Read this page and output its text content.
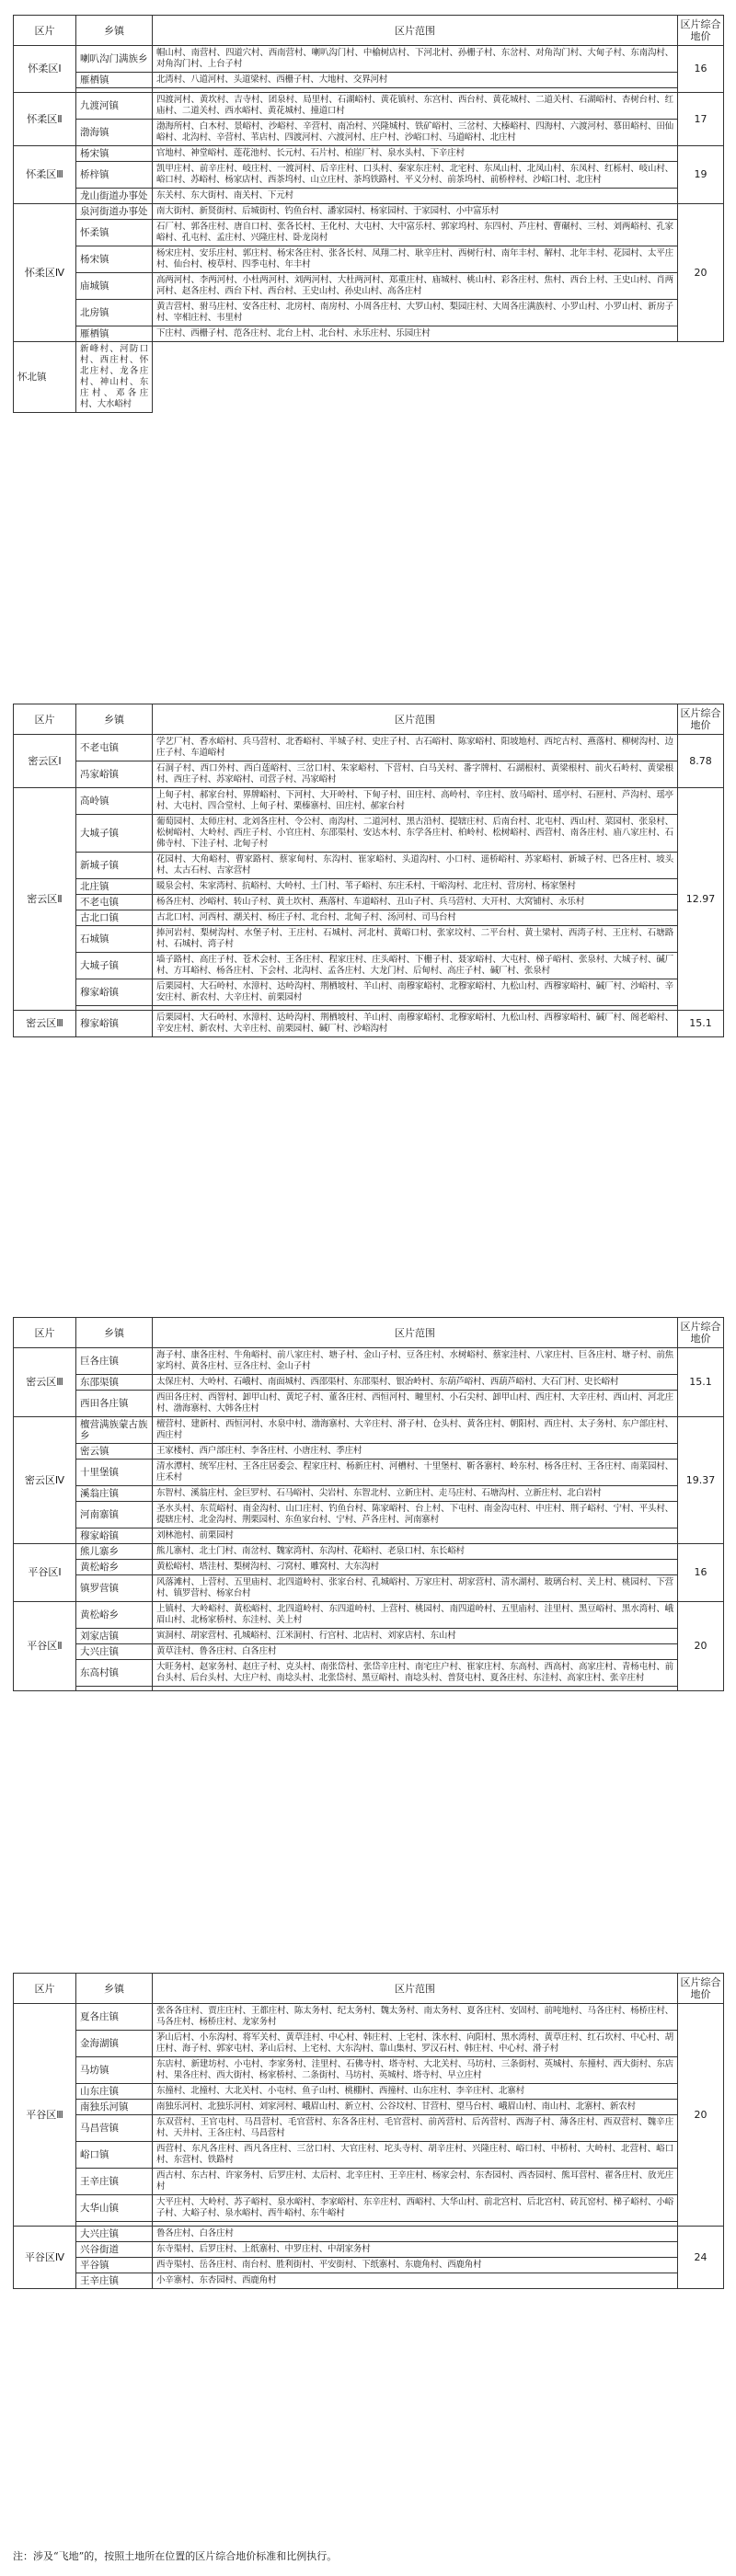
区片	乡镇	区片范围	区片综合
地价
怀柔区Ⅰ	喇叭沟门满族乡	帽山村、南营村、四道穴村、西南营村、喇叭沟门村、中榆树店村、下河北村、孙栅子村、东岔村、对角沟门村、大甸子村、东南沟村、对角沟门村、上台子村	16
	雁栖镇	北湾村、八道河村、头道梁村、西栅子村、大地村、交界河村	

怀柔区Ⅱ	九渡河镇	四渡河村、黄坎村、吉寺村、团泉村、局里村、石湖峪村、黄花镇村、东宫村、西台村、黄花城村、二道关村、石湖峪村、杏树台村、红庙村、二道关村、西水峪村、黄花城村、撞道口村	17
	渤海镇	渤海所村、白木村、景峪村、沙峪村、辛营村、南冶村、兴隆城村、铁矿峪村、三岔村、大榛峪村、四海村、六渡河村、慕田峪村、田仙峪村、北沟村、辛营村、苇店村、四渡河村、六渡河村、庄户村、沙峪口村、马道峪村、北庄村	
怀柔区Ⅲ	杨宋镇	官地村、神堂峪村、莲花池村、长元村、石片村、柏崖厂村、泉水头村、下辛庄村	19
	桥梓镇	凯甲庄村、前辛庄村、岐庄村、一渡河村、后辛庄村、口头村、秦家东庄村、北宅村、东凤山村、北凤山村、东凤村、红栎村、岐山村、峪口村、苏峪村、杨家店村、西茶坞村、山立庄村、茶坞铁路村、平义分村、前茶坞村、前桥梓村、沙峪口村、北庄村	
	龙山街道办事处	东关村、东大街村、南关村、下元村	
怀柔区Ⅳ	泉河街道办事处	南大街村、新贤街村、后城街村、钓鱼台村、潘家园村、杨家园村、于家园村、小中富乐村	20
	怀柔镇	石厂村、郭各庄村、唐自口村、张各长村、王化村、大屯村、大中富乐村、郭家坞村、东四村、芦庄村、曹碾村、三村、刘两峪村、孔家峪村、孔屯村、孟庄村、兴隆庄村、卧龙岗村	
	杨宋镇	杨宋庄村、安乐庄村、郭庄村、杨宋各庄村、张各长村、凤翔二村、耿辛庄村、西树行村、南年丰村、解村、北年丰村、花园村、太平庄村、仙台村、梭草村、四季屯村、年丰村	
	庙城镇	高两河村、李两河村、小杜两河村、刘两河村、大杜两河村、郑重庄村、庙城村、桃山村、彩各庄村、焦村、西台上村、王史山村、肖两河村、赵各庄村、西台下村、西台村、王史山村、孙史山村、高各庄村	
	北房镇	黄吉营村、驸马庄村、安各庄村、北房村、南房村、小周各庄村、大罗山村、梨园庄村、大周各庄满族村、小罗山村、小罗山村、新房子村、宰相庄村、韦里村	
	雁栖镇	下庄村、西栅子村、范各庄村、北台上村、北台村、永乐庄村、乐园庄村	
怀北镇	新峰村、河防口村、西庄村、怀北庄村、龙各庄村、神山村、东庄村、邓各庄村、大水峪村		
区片	乡镇	区片范围	区片综合
地价
密云区Ⅰ	不老屯镇	学艺厂村、香水峪村、兵马营村、北香峪村、半城子村、史庄子村、古石峪村、陈家峪村、阳坡地村、西坨古村、燕落村、柳树沟村、边庄子村、车道峪村	8.78
	冯家峪镇	石洞子村、西口外村、西白莲峪村、三岔口村、朱家峪村、下营村、白马关村、番字牌村、石湖根村、黄梁根村、前火石岭村、黄梁根村、西庄子村、苏家峪村、司营子村、冯家峪村	
密云区Ⅱ	高岭镇	上甸子村、郝家台村、界牌峪村、下河村、大开岭村、下甸子村、田庄村、高岭村、辛庄村、放马峪村、瑶亭村、石匣村、芦沟村、瑶亭村、大屯村、四合堂村、上甸子村、栗榛寨村、田庄村、郝家台村	12.97
	大城子镇	葡萄园村、太师庄村、北刘各庄村、令公村、南沟村、二道河村、黑古沿村、提辖庄村、后南台村、北屯村、西山村、菜园村、张泉村、松树峪村、大岭村、西庄子村、小官庄村、东邵渠村、安达木村、东学各庄村、柏岭村、松树峪村、西营村、南各庄村、庙八家庄村、石佛寺村、下洼子村、北甸子村	
	新城子镇	花园村、大角峪村、曹家路村、蔡家甸村、东沟村、崔家峪村、头道沟村、小口村、遥桥峪村、苏家峪村、新城子村、巴各庄村、坡头村、太古石村、吉家营村	
	北庄镇	暖泉会村、朱家湾村、抗峪村、大岭村、土门村、苇子峪村、东庄禾村、干峪沟村、北庄村、营房村、杨家堡村	
	不老屯镇	杨各庄村、沙峪村、转山子村、黄土坎村、燕落村、车道峪村、丑山子村、兵马营村、大开村、大窝铺村、永乐村	
	古北口镇	古北口村、河西村、潮关村、杨庄子村、北台村、北甸子村、汤河村、司马台村	
	石城镇	捧河岩村、梨树沟村、水堡子村、王庄村、石城村、河北村、黄峪口村、张家坟村、二平台村、黄土梁村、西湾子村、王庄村、石塘路村、石城村、湾子村	
	大城子镇	墙子路村、高庄子村、苍术会村、王各庄村、程家庄村、庄头峪村、下栅子村、聂家峪村、大屯村、梯子峪村、张泉村、大城子村、碱厂村、方耳峪村、杨各庄村、下会村、北沟村、孟各庄村、大龙门村、后甸村、高庄子村、碱厂村、张泉村	
	穆家峪镇	后栗园村、大石岭村、水漳村、达岭沟村、荆栖坡村、羊山村、南穆家峪村、北穆家峪村、九松山村、西穆家峪村、碱厂村、沙峪村、辛安庄村、新农村、大辛庄村、前栗园村	

密云区Ⅲ	穆家峪镇	后栗园村、大石岭村、水漳村、达岭沟村、荆栖坡村、羊山村、南穆家峪村、北穆家峪村、九松山村、西穆家峪村、碱厂村、阁老峪村、辛安庄村、新农村、大辛庄村、前栗园村、碱厂村、沙峪沟村	15.1
区片	乡镇	区片范围	区片综合
地价
密云区Ⅲ	巨各庄镇	海子村、康各庄村、牛角峪村、前八家庄村、塘子村、金山子村、豆各庄村、水树峪村、蔡家洼村、八家庄村、巨各庄村、塘子村、前焦家坞村、黄各庄村、豆各庄村、金山子村	15.1
	东邵渠镇	太保庄村、大岭村、石峨村、南面城村、西邵渠村、东邵渠村、银冶岭村、东葫芦峪村、西葫芦峪村、大石门村、史长峪村	
	西田各庄镇	西田各庄村、西智村、卸甲山村、黄坨子村、董各庄村、西恒河村、疃里村、小石尖村、卸甲山村、西庄村、大辛庄村、西山村、河北庄村、渤海寨村、大韩各庄村	
密云区Ⅳ	檀营满族蒙古族乡	檀营村、建新村、西恒河村、水泉中村、渤海寨村、大辛庄村、滑子村、仓头村、黄各庄村、朝阳村、西庄村、太子务村、东户部庄村、西庄村	19.37
	密云镇	王家楼村、西户部庄村、李各庄村、小唐庄村、季庄村	
	十里堡镇	清水潭村、统军庄村、王各庄居委会、程家庄村、杨新庄村、河槽村、十里堡村、靳各寨村、岭东村、杨各庄村、王各庄村、南菜园村、庄禾村	
	溪翁庄镇	东智村、溪翁庄村、金巨罗村、石马峪村、尖岩村、东智北村、立新庄村、走马庄村、石塘沟村、立新庄村、北白岩村	
	河南寨镇	圣水头村、东荒峪村、南金沟村、山口庄村、钓鱼台村、陈家峪村、台上村、下屯村、南金沟屯村、中庄村、荆子峪村、宁村、平头村、提辖庄村、北金沟村、荆栗园村、东鱼家台村、宁村、芦各庄村、河南寨村	
	穆家峪镇	刘林池村、前栗园村	
平谷区Ⅰ	熊儿寨乡	熊儿寨村、北土门村、南岔村、魏家湾村、东沟村、花峪村、老泉口村、东长峪村	16
	黄松峪乡	黄松峪村、塔洼村、梨树沟村、刁窝村、雕窝村、大东沟村	
	镇罗营镇	风落滩村、上营村、五里庙村、北四道岭村、张家台村、孔城峪村、万家庄村、胡家营村、清水湖村、玻璃台村、关上村、桃园村、下营村、镇罗营村、杨家台村	
平谷区Ⅱ	黄松峪乡	上镇村、大岭峪村、黄松峪村、北四道岭村、东四道岭村、上营村、桃园村、南四道岭村、五里庙村、洼里村、黑豆峪村、黑水湾村、峨眉山村、北杨家桥村、东洼村、关上村	20
	刘家店镇	寅洞村、胡家营村、孔城峪村、江米洞村、行宫村、北店村、刘家店村、东山村	
	大兴庄镇	黄草洼村、鲁各庄村、白各庄村	
	东高村镇	大旺务村、赵家务村、赵庄子村、克头村、南张岱村、张岱辛庄村、南宅庄户村、崔家庄村、东高村、西高村、高家庄村、青杨屯村、前台头村、后台头村、大庄户村、南埝头村、北张岱村、黑豆峪村、南埝头村、普贤屯村、夏各庄村、东洼村、高家庄村、张辛庄村	

区片	乡镇	区片范围	区片综合
地价
平谷区Ⅲ	夏各庄镇	张各各庄村、贾庄庄村、王都庄村、陈太务村、纪太务村、魏太务村、南太务村、夏各庄村、安固村、前吨地村、马各庄村、杨桥庄村、马各庄村、杨桥庄村、龙家务村	20
	金海湖镇	茅山后村、小东沟村、将军关村、黄草洼村、中心村、韩庄村、上宅村、洙水村、向阳村、黑水湾村、黄草庄村、红石坎村、中心村、胡庄村、海子村、郭家屯村、茅山后村、上宅村、大东沟村、靠山集村、罗汉石村、韩庄村、中心村、滑子村	
	马坊镇	东店村、新建坊村、小屯村、李家务村、洼里村、石佛寺村、塔寺村、大北关村、马坊村、三条街村、英城村、东撞村、西大街村、东店村、果各庄村、西大街村、杨家桥村、二条街村、马坊村、英城村、塔寺村、早立庄村	
	山东庄镇	东撞村、北撞村、大北关村、小屯村、鱼子山村、桃棚村、西撞村、山东庄村、李辛庄村、北寨村	
	南独乐河镇	南独乐河村、北独乐河村、刘家河村、峨眉山村、新立村、公谷坟村、甘营村、望马台村、峨眉山村、南山村、北寨村、新农村	
	马昌营镇	东双营村、王官屯村、马昌营村、毛官营村、东各各庄村、毛官营村、前芮营村、后芮营村、西海子村、薄各庄村、西双营村、魏辛庄村、天井村、王各庄村、马昌营村	
	峪口镇	西营村、东凡各庄村、西凡各庄村、三岔口村、大官庄村、坨头寺村、胡辛庄村、兴隆庄村、峪口村、中桥村、大岭村、北营村、峪口村、东营村、铁路村	
	王辛庄镇	西古村、东古村、许家务村、后罗庄村、太后村、北辛庄村、王辛庄村、杨家会村、东杏园村、西杏园村、熊耳营村、翟各庄村、放光庄村	
	大华山镇	大平庄村、大岭村、苏子峪村、泉水峪村、李家峪村、东辛庄村、西峪村、大华山村、前北宫村、后北宫村、砖瓦窑村、梯子峪村、小峪子村、大峪子村、泉水峪村、西牛峪村、东牛峪村	

平谷区Ⅳ	大兴庄镇	鲁各庄村、白各庄村	24
	兴谷街道	东寺渠村、后罗庄村、上纸寨村、中罗庄村、中胡家务村	
	平谷镇	西寺渠村、岳各庄村、南台村、胜利街村、平安街村、下纸寨村、东鹿角村、西鹿角村	
	王辛庄镇	小辛寨村、东杏园村、西鹿角村	
注：涉及“飞地”的，按照土地所在位置的区片综合地价标准和比例执行。
